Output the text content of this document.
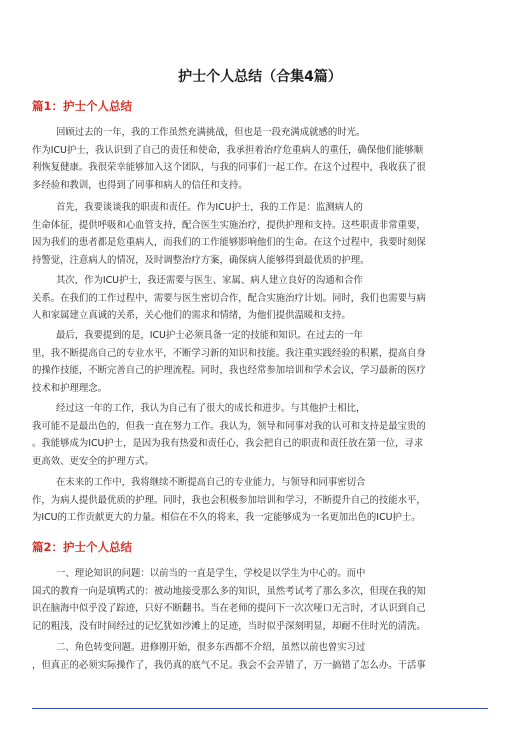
护士个人总结（合集4篇）
篇1：护士个人总结

回顾过去的一年，我的工作虽然充满挑战，但也是一段充满成就感的时光。

作为ICU护士，我认识到了自己的责任和使命，我承担着治疗危重病人的重任，确保他们能够顺

利恢复健康。我很荣幸能够加入这个团队，与我的同事们一起工作。在这个过程中，我收获了很

多经验和教训，也得到了同事和病人的信任和支持。

首先，我要谈谈我的职责和责任。作为ICU护士，我的工作是：监测病人的

生命体征，提供呼吸和心血管支持，配合医生实施治疗，提供护理和支持。这些职责非常重要，

因为我们的患者都是危重病人，而我们的工作能够影响他们的生命。在这个过程中，我要时刻保

持警觉，注意病人的情况，及时调整治疗方案，确保病人能够得到最优质的护理。

其次，作为ICU护士，我还需要与医生、家属、病人建立良好的沟通和合作

关系。在我们的工作过程中，需要与医生密切合作，配合实施治疗计划。同时，我们也需要与病

人和家属建立真诚的关系，关心他们的需求和情绪，为他们提供温暖和支持。

最后，我要提到的是，ICU护士必须具备一定的技能和知识。在过去的一年

里，我不断提高自己的专业水平，不断学习新的知识和技能。我注重实践经验的积累，提高自身

的操作技能，不断完善自己的护理流程。同时，我也经常参加培训和学术会议，学习最新的医疗

技术和护理理念。

经过这一年的工作，我认为自己有了很大的成长和进步。与其他护士相比，

我可能不是最出色的，但我一直在努力工作。我认为，领导和同事对我的认可和支持是最宝贵的

。我能够成为ICU护士，是因为我有热爱和责任心，我会把自己的职责和责任放在第一位，寻求

更高效、更安全的护理方式。

在未来的工作中，我将继续不断提高自己的专业能力，与领导和同事密切合

作，为病人提供最优质的护理。同时，我也会积极参加培训和学习，不断提升自己的技能水平，

为ICU的工作贡献更大的力量。相信在不久的将来，我一定能够成为一名更加出色的ICU护士。

篇2：护士个人总结

一、理论知识的问题：以前当的一直是学生，学校是以学生为中心的。而中

国式的教育一向是填鸭式的：被动地接受那么多的知识，虽然考试考了那么多次，但现在我的知

识在脑海中似乎没了踪迹，只好不断翻书。当在老师的提问下一次次哑口无言时，才认识到自己

记的粗浅，没有时间经过的记忆犹如沙滩上的足迹，当时似乎深刻明显，却耐不住时光的清洗。

二、角色转变问题。进修刚开始，很多东西都不介绍，虽然以前也曾实习过

，但真正的必须实际操作了，我仍真的底气不足。我会不会弄错了，万一搞错了怎么办。干活事
